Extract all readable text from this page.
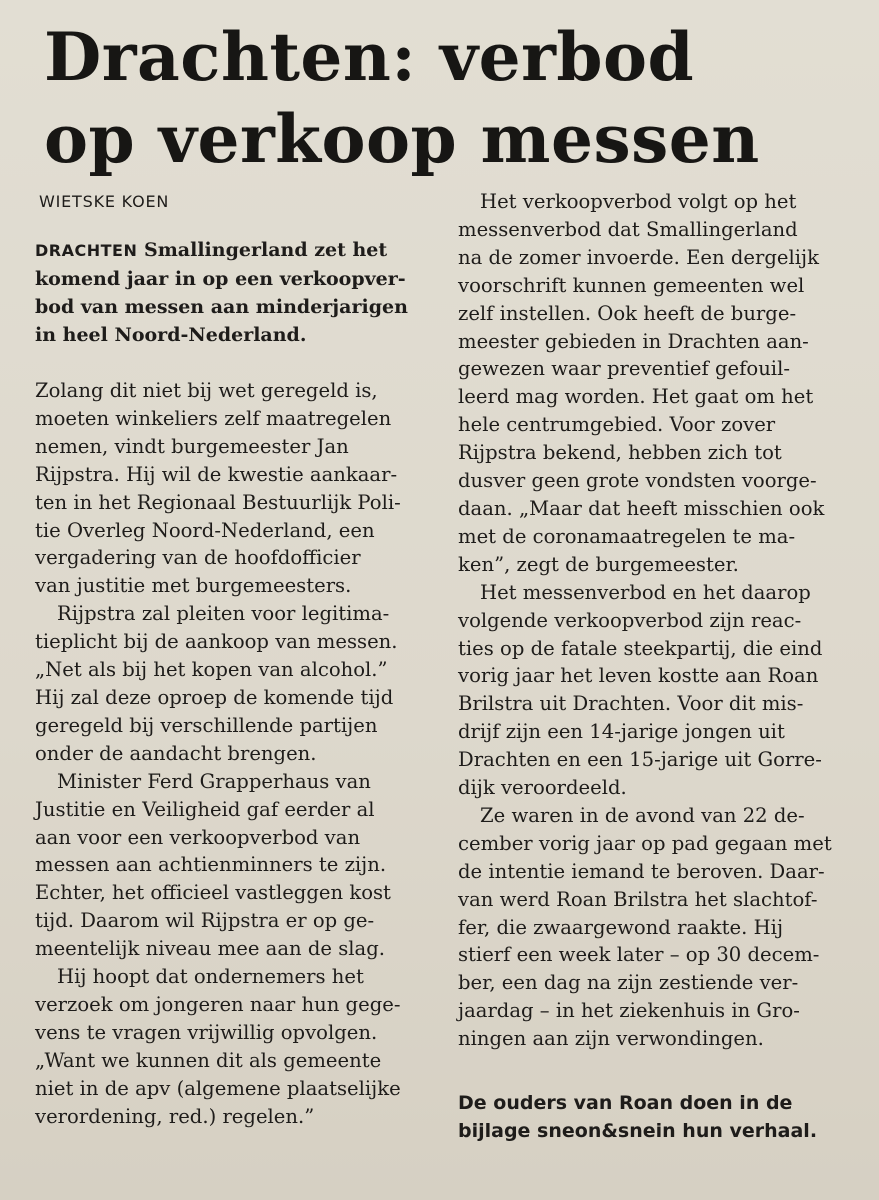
Drachten: verbod
op verkoop messen
WIETSKE KOEN
DRACHTEN Smallingerland zet het
komend jaar in op een verkoopver-
bod van messen aan minderjarigen
in heel Noord-Nederland.
Zolang dit niet bij wet geregeld is,
moeten winkeliers zelf maatregelen
nemen, vindt burgemeester Jan
Rijpstra. Hij wil de kwestie aankaar-
ten in het Regionaal Bestuurlijk Poli-
tie Overleg Noord-Nederland, een
vergadering van de hoofdofficier
van justitie met burgemeesters.
Rijpstra zal pleiten voor legitima-
tieplicht bij de aankoop van messen.
„Net als bij het kopen van alcohol.”
Hij zal deze oproep de komende tijd
geregeld bij verschillende partijen
onder de aandacht brengen.
Minister Ferd Grapperhaus van
Justitie en Veiligheid gaf eerder al
aan voor een verkoopverbod van
messen aan achtienminners te zijn.
Echter, het officieel vastleggen kost
tijd. Daarom wil Rijpstra er op ge-
meentelijk niveau mee aan de slag.
Hij hoopt dat ondernemers het
verzoek om jongeren naar hun gege-
vens te vragen vrijwillig opvolgen.
„Want we kunnen dit als gemeente
niet in de apv (algemene plaatselijke
verordening, red.) regelen.”
Het verkoopverbod volgt op het
messenverbod dat Smallingerland
na de zomer invoerde. Een dergelijk
voorschrift kunnen gemeenten wel
zelf instellen. Ook heeft de burge-
meester gebieden in Drachten aan-
gewezen waar preventief gefouil-
leerd mag worden. Het gaat om het
hele centrumgebied. Voor zover
Rijpstra bekend, hebben zich tot
dusver geen grote vondsten voorge-
daan. „Maar dat heeft misschien ook
met de coronamaatregelen te ma-
ken”, zegt de burgemeester.
Het messenverbod en het daarop
volgende verkoopverbod zijn reac-
ties op de fatale steekpartij, die eind
vorig jaar het leven kostte aan Roan
Brilstra uit Drachten. Voor dit mis-
drijf zijn een 14-jarige jongen uit
Drachten en een 15-jarige uit Gorre-
dijk veroordeeld.
Ze waren in de avond van 22 de-
cember vorig jaar op pad gegaan met
de intentie iemand te beroven. Daar-
van werd Roan Brilstra het slachtof-
fer, die zwaargewond raakte. Hij
stierf een week later – op 30 decem-
ber, een dag na zijn zestiende ver-
jaardag – in het ziekenhuis in Gro-
ningen aan zijn verwondingen.
De ouders van Roan doen in de
bijlage sneon&snein hun verhaal.
